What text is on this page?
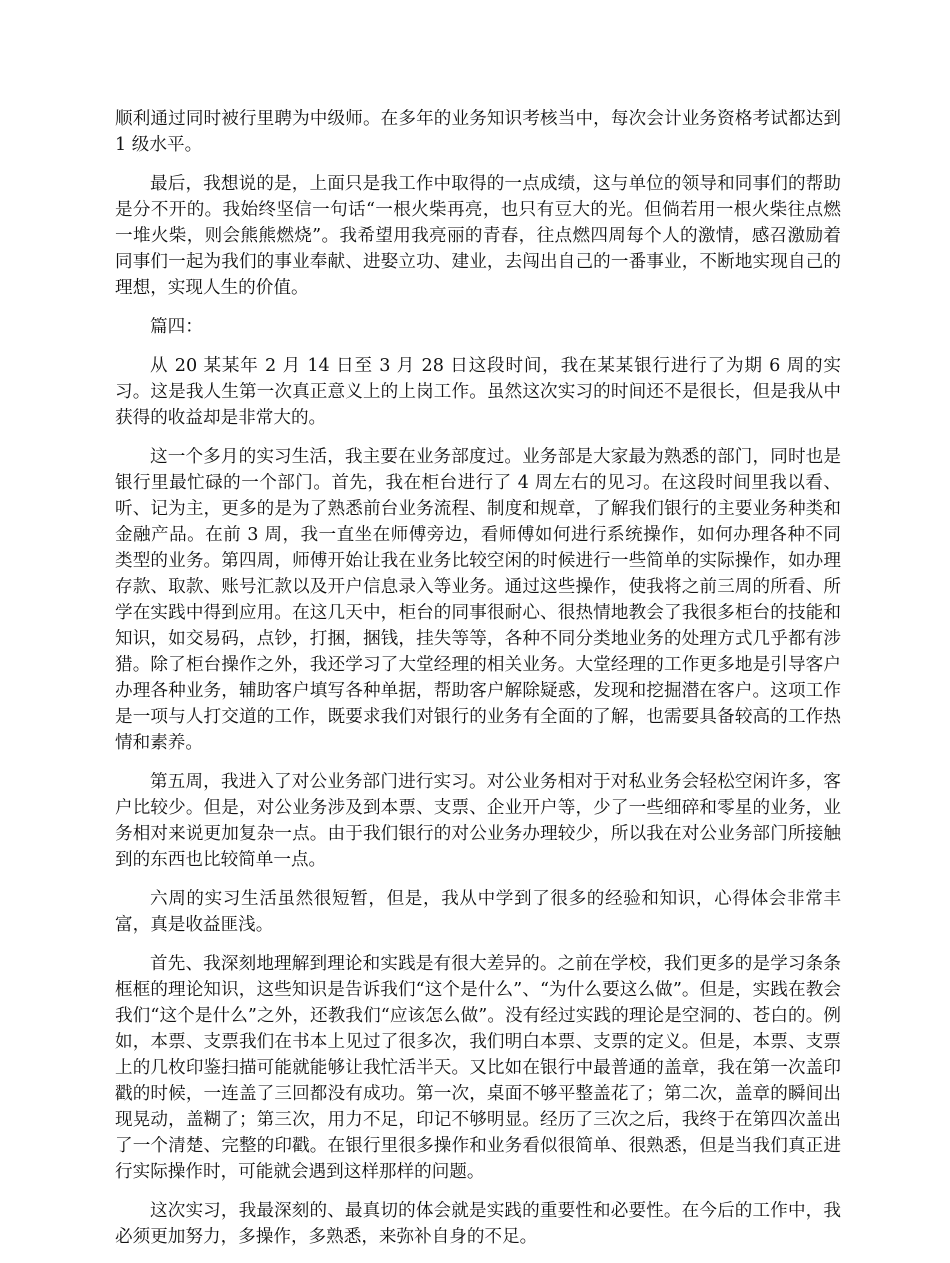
顺利通过同时被行里聘为中级师。在多年的业务知识考核当中，每次会计业务资格考试都达到 1 级水平。

最后，我想说的是，上面只是我工作中取得的一点成绩，这与单位的领导和同事们的帮助是分不开的。我始终坚信一句话“一根火柴再亮，也只有豆大的光。但倘若用一根火柴往点燃一堆火柴，则会熊熊燃烧”。我希望用我亮丽的青春，往点燃四周每个人的激情，感召激励着同事们一起为我们的事业奉献、进娶立功、建业，去闯出自己的一番事业，不断地实现自己的理想，实现人生的价值。

篇四：

从 20 某某年 2 月 14 日至 3 月 28 日这段时间，我在某某银行进行了为期 6 周的实习。这是我人生第一次真正意义上的上岗工作。虽然这次实习的时间还不是很长，但是我从中获得的收益却是非常大的。

这一个多月的实习生活，我主要在业务部度过。业务部是大家最为熟悉的部门，同时也是银行里最忙碌的一个部门。首先，我在柜台进行了 4 周左右的见习。在这段时间里我以看、听、记为主，更多的是为了熟悉前台业务流程、制度和规章，了解我们银行的主要业务种类和金融产品。在前 3 周，我一直坐在师傅旁边，看师傅如何进行系统操作，如何办理各种不同类型的业务。第四周，师傅开始让我在业务比较空闲的时候进行一些简单的实际操作，如办理存款、取款、账号汇款以及开户信息录入等业务。通过这些操作，使我将之前三周的所看、所学在实践中得到应用。在这几天中，柜台的同事很耐心、很热情地教会了我很多柜台的技能和知识，如交易码，点钞，打捆，捆钱，挂失等等，各种不同分类地业务的处理方式几乎都有涉猎。除了柜台操作之外，我还学习了大堂经理的相关业务。大堂经理的工作更多地是引导客户办理各种业务，辅助客户填写各种单据，帮助客户解除疑惑，发现和挖掘潜在客户。这项工作是一项与人打交道的工作，既要求我们对银行的业务有全面的了解，也需要具备较高的工作热情和素养。

第五周，我进入了对公业务部门进行实习。对公业务相对于对私业务会轻松空闲许多，客户比较少。但是，对公业务涉及到本票、支票、企业开户等，少了一些细碎和零星的业务，业务相对来说更加复杂一点。由于我们银行的对公业务办理较少，所以我在对公业务部门所接触到的东西也比较简单一点。

六周的实习生活虽然很短暂，但是，我从中学到了很多的经验和知识，心得体会非常丰富，真是收益匪浅。

首先、我深刻地理解到理论和实践是有很大差异的。之前在学校，我们更多的是学习条条框框的理论知识，这些知识是告诉我们“这个是什么”、“为什么要这么做”。但是，实践在教会我们“这个是什么”之外，还教我们“应该怎么做”。没有经过实践的理论是空洞的、苍白的。例如，本票、支票我们在书本上见过了很多次，我们明白本票、支票的定义。但是，本票、支票上的几枚印鉴扫描可能就能够让我忙活半天。又比如在银行中最普通的盖章，我在第一次盖印戳的时候，一连盖了三回都没有成功。第一次，桌面不够平整盖花了；第二次，盖章的瞬间出现晃动，盖糊了；第三次，用力不足，印记不够明显。经历了三次之后，我终于在第四次盖出了一个清楚、完整的印戳。在银行里很多操作和业务看似很简单、很熟悉，但是当我们真正进行实际操作时，可能就会遇到这样那样的问题。

这次实习，我最深刻的、最真切的体会就是实践的重要性和必要性。在今后的工作中，我必须更加努力，多操作，多熟悉，来弥补自身的不足。
